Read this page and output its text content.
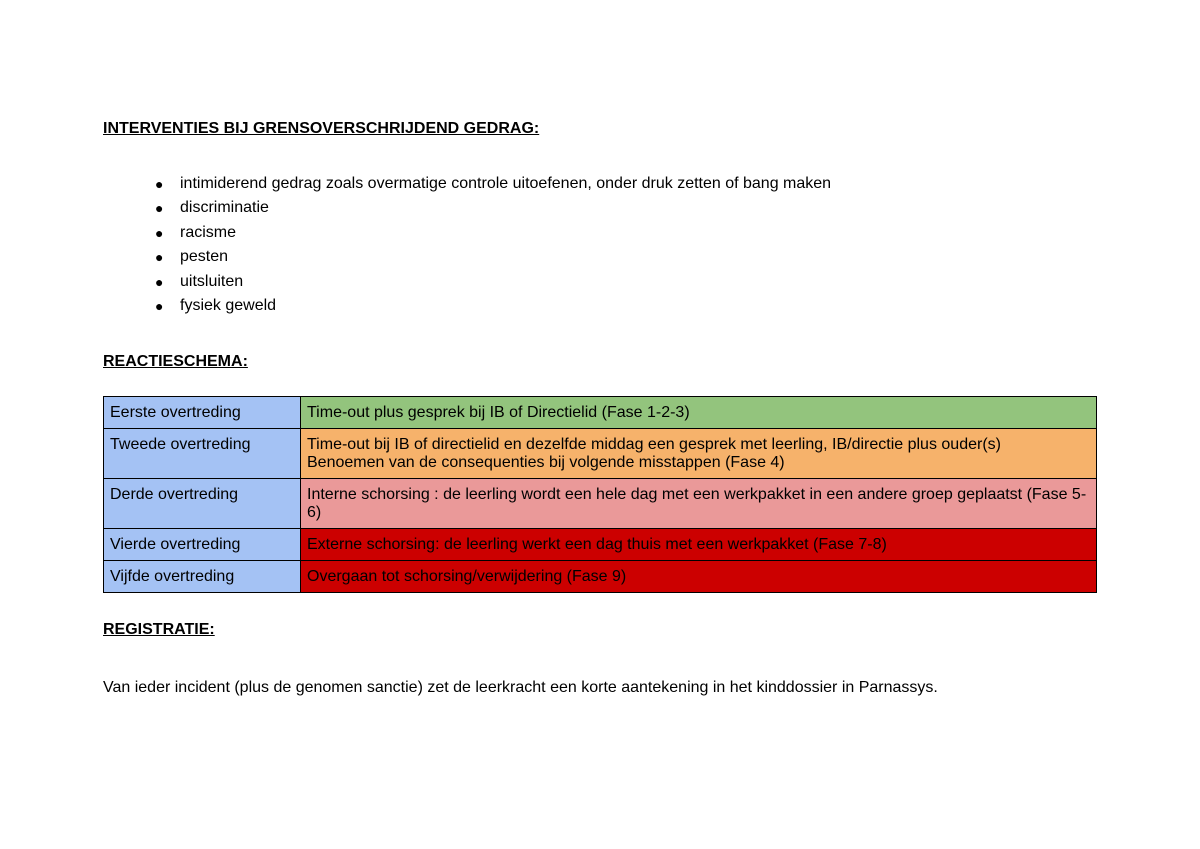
INTERVENTIES BIJ GRENSOVERSCHRIJDEND GEDRAG:

●	intimiderend gedrag zoals overmatige controle uitoefenen, onder druk zetten of bang maken
●	discriminatie
●	racisme
●	pesten
●	uitsluiten
●	fysiek geweld

REACTIESCHEMA:

Eerste overtreding	Time-out plus gesprek bij IB of Directielid (Fase 1-2-3)

Tweede overtreding	Time-out bij IB of directielid en dezelfde middag een gesprek met leerling, IB/directie plus ouder(s)
Benoemen van de consequenties bij volgende misstappen (Fase 4)

Derde overtreding	Interne schorsing : de leerling wordt een hele dag met een werkpakket in een andere groep geplaatst (Fase 5-6)

Vierde overtreding	Externe schorsing: de leerling werkt een dag thuis met een werkpakket (Fase 7-8)

Vijfde overtreding	Overgaan tot schorsing/verwijdering (Fase 9)

REGISTRATIE:

Van ieder incident (plus de genomen sanctie) zet de leerkracht een korte aantekening in het kinddossier in Parnassys.
